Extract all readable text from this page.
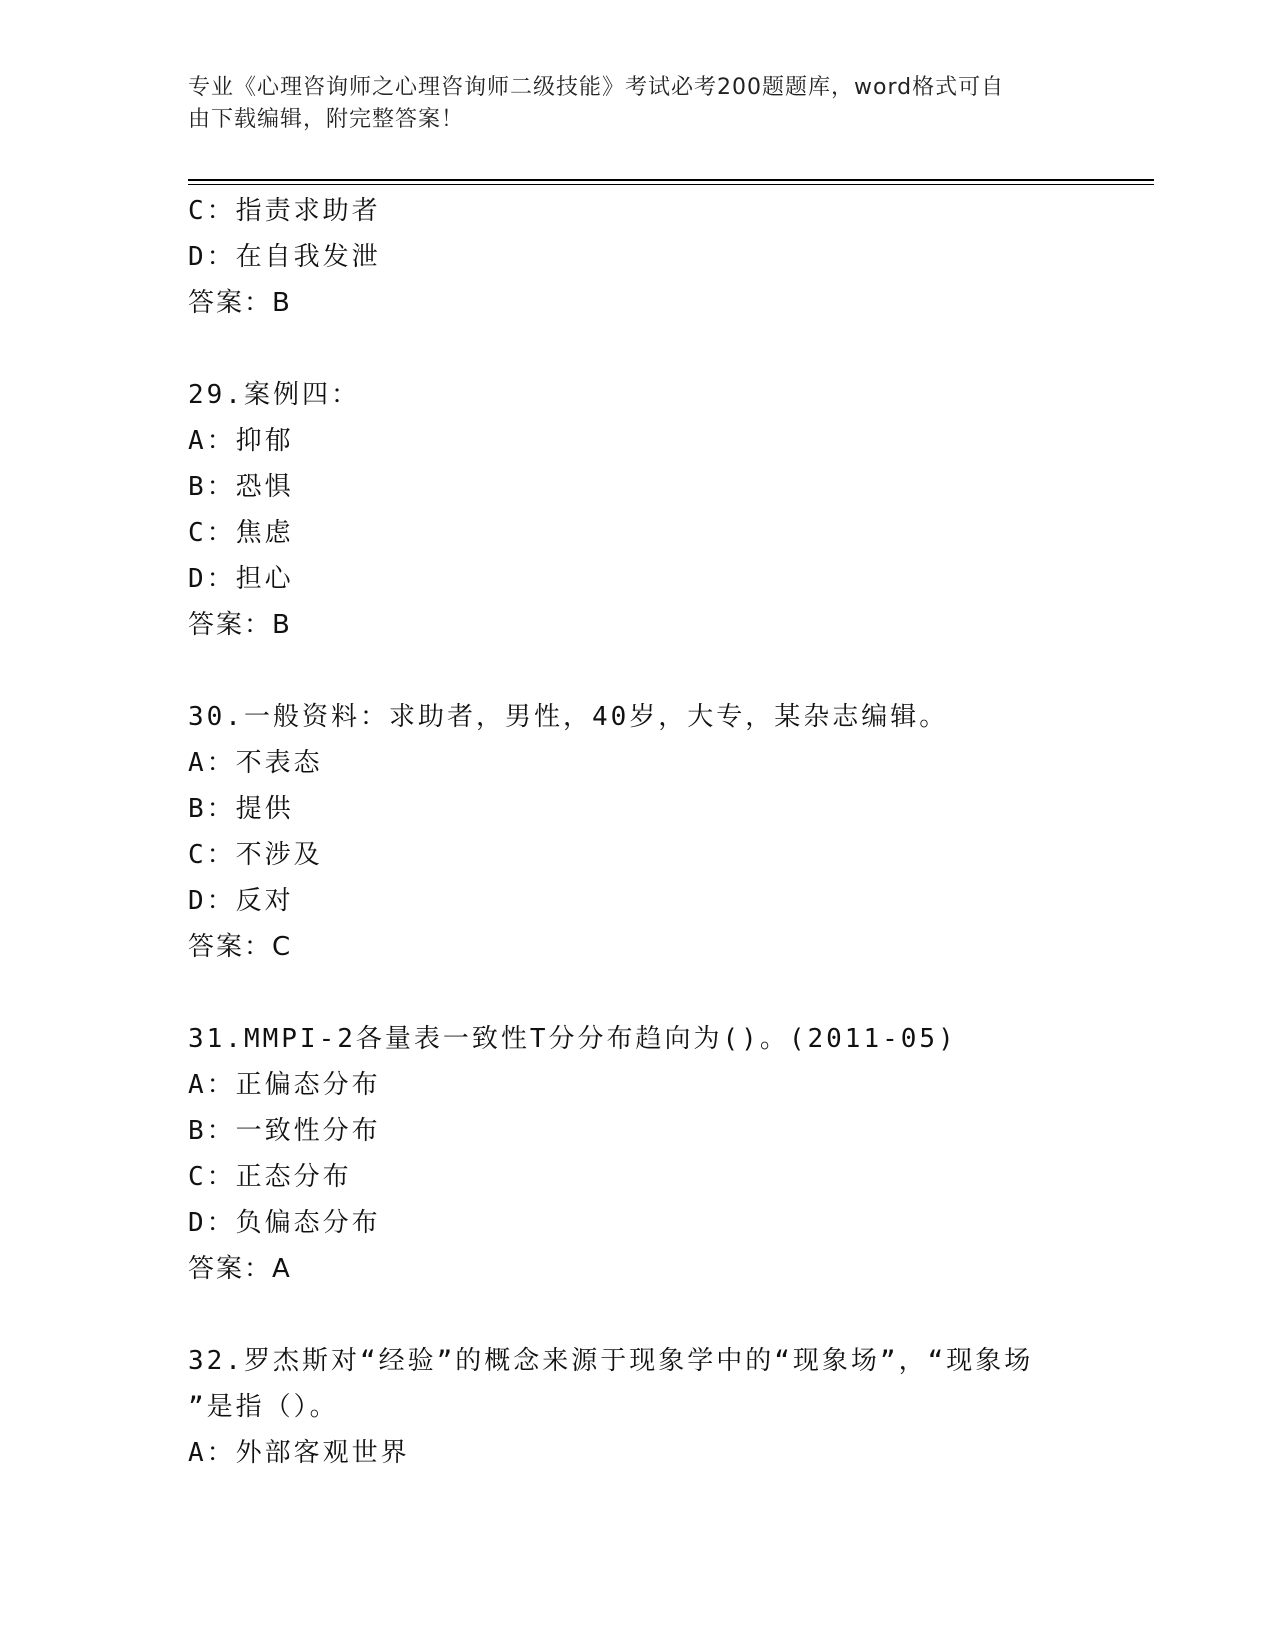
专业《心理咨询师之心理咨询师二级技能》考试必考200题题库，word格式可自
由下载编辑，附完整答案！
C：指责求助者
D：在自我发泄
答案：B
29.案例四：
A：抑郁
B：恐惧
C：焦虑
D：担心
答案：B
30.一般资料：求助者，男性，40岁，大专，某杂志编辑。
A：不表态
B：提供
C：不涉及
D：反对
答案：C
31.MMPI-2各量表一致性T分分布趋向为()。(2011-05)
A：正偏态分布
B：一致性分布
C：正态分布
D：负偏态分布
答案：A
32.罗杰斯对“经验”的概念来源于现象学中的“现象场”，“现象场
”是指（）。
A：外部客观世界
